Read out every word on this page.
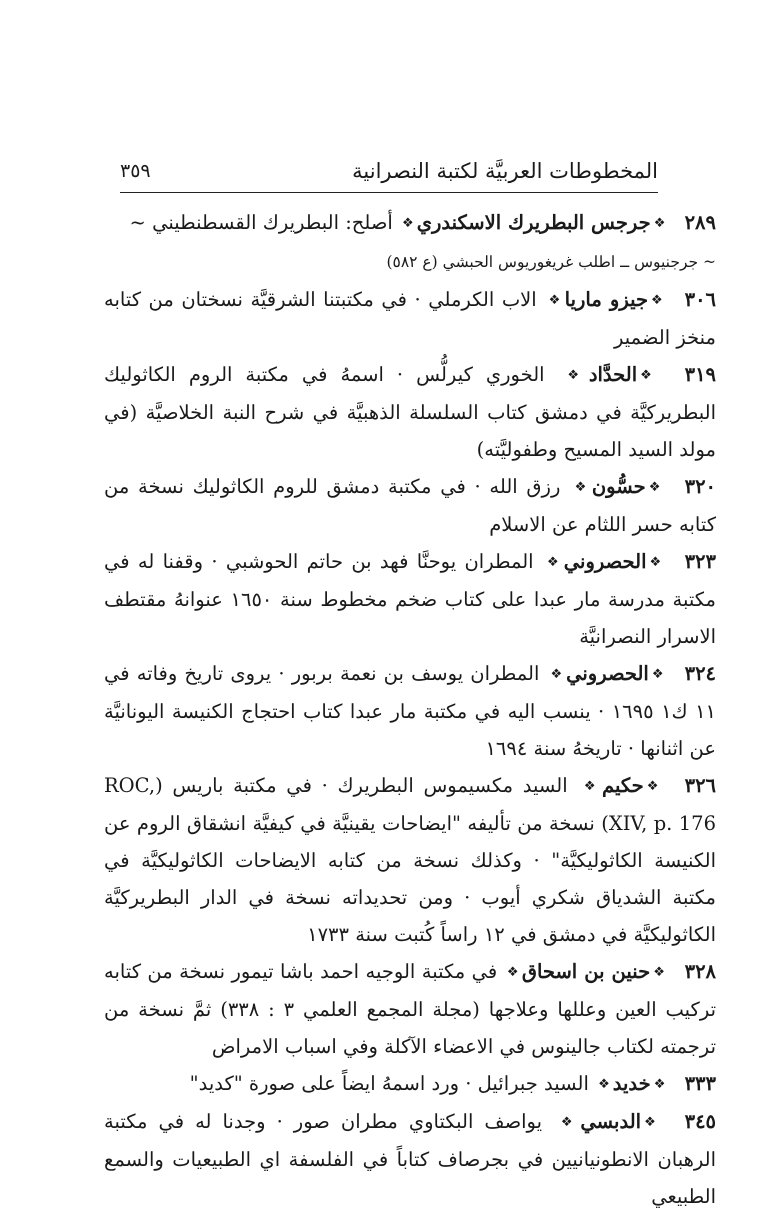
المخطوطات العربيَّة لكتبة النصرانية
٣٥٩

٢٨٩ ❖جرجس البطريرك الاسكندري❖ أصلح: البطريرك القسطنطيني ~
~ جرجنيوس ــ اطلب غريغوريوس الحبشي (ع ٥٨٢)

٣٠٦ ❖جيزو ماريا❖ الاب الكرملي · في مكتبتنا الشرقيَّة نسختان من كتابه منخز الضمير

٣١٩ ❖الحدَّاد❖ الخوري كيرلُّس · اسمهُ في مكتبة الروم الكاثوليك البطريركيَّة في دمشق كتاب السلسلة الذهبيَّة في شرح النبة الخلاصيَّة (في مولد السيد المسيح وطفوليَّته)

٣٢٠ ❖حسُّون❖ رزق الله · في مكتبة دمشق للروم الكاثوليك نسخة من كتابه حسر اللثام عن الاسلام

٣٢٣ ❖الحصروني❖ المطران يوحنَّا فهد بن حاتم الحوشبي · وقفنا له في مكتبة مدرسة مار عبدا على كتاب ضخم مخطوط سنة ١٦٥٠ عنوانهُ مقتطف الاسرار النصرانيَّة

٣٢٤ ❖الحصروني❖ المطران يوسف بن نعمة بربور · يروى تاريخ وفاته في ١١ ك١ ١٦٩٥ · ينسب اليه في مكتبة مار عبدا كتاب احتجاج الكنيسة اليونانيَّة عن اثنانها · تاريخهُ سنة ١٦٩٤

٣٢٦ ❖حكيم❖ السيد مكسيموس البطريرك · في مكتبة باريس (ROC, XIV, p. 176) نسخة من تأليفه "ايضاحات يقينيَّة في كيفيَّة انشقاق الروم عن الكنيسة الكاثوليكيَّة" · وكذلك نسخة من كتابه الايضاحات الكاثوليكيَّة في مكتبة الشدياق شكري أيوب · ومن تحديداته نسخة في الدار البطريركيَّة الكاثوليكيَّة في دمشق في ١٢ راساً كُتبت سنة ١٧٣٣

٣٢٨ ❖حنين بن اسحاق❖ في مكتبة الوجيه احمد باشا تيمور نسخة من كتابه تركيب العين وعللها وعلاجها (مجلة المجمع العلمي ٣ : ٣٣٨) ثمَّ نسخة من ترجمته لكتاب جالينوس في الاعضاء الآكلة وفي اسباب الامراض

٣٣٣ ❖خديد❖ السيد جبرائيل · ورد اسمهُ ايضاً على صورة "كديد"

٣٤٥ ❖الدبسي❖ يواصف البكتاوي مطران صور · وجدنا له في مكتبة الرهبان الانطونيانيين في بجرصاف كتاباً في الفلسفة اي الطبيعيات والسمع الطبيعي
